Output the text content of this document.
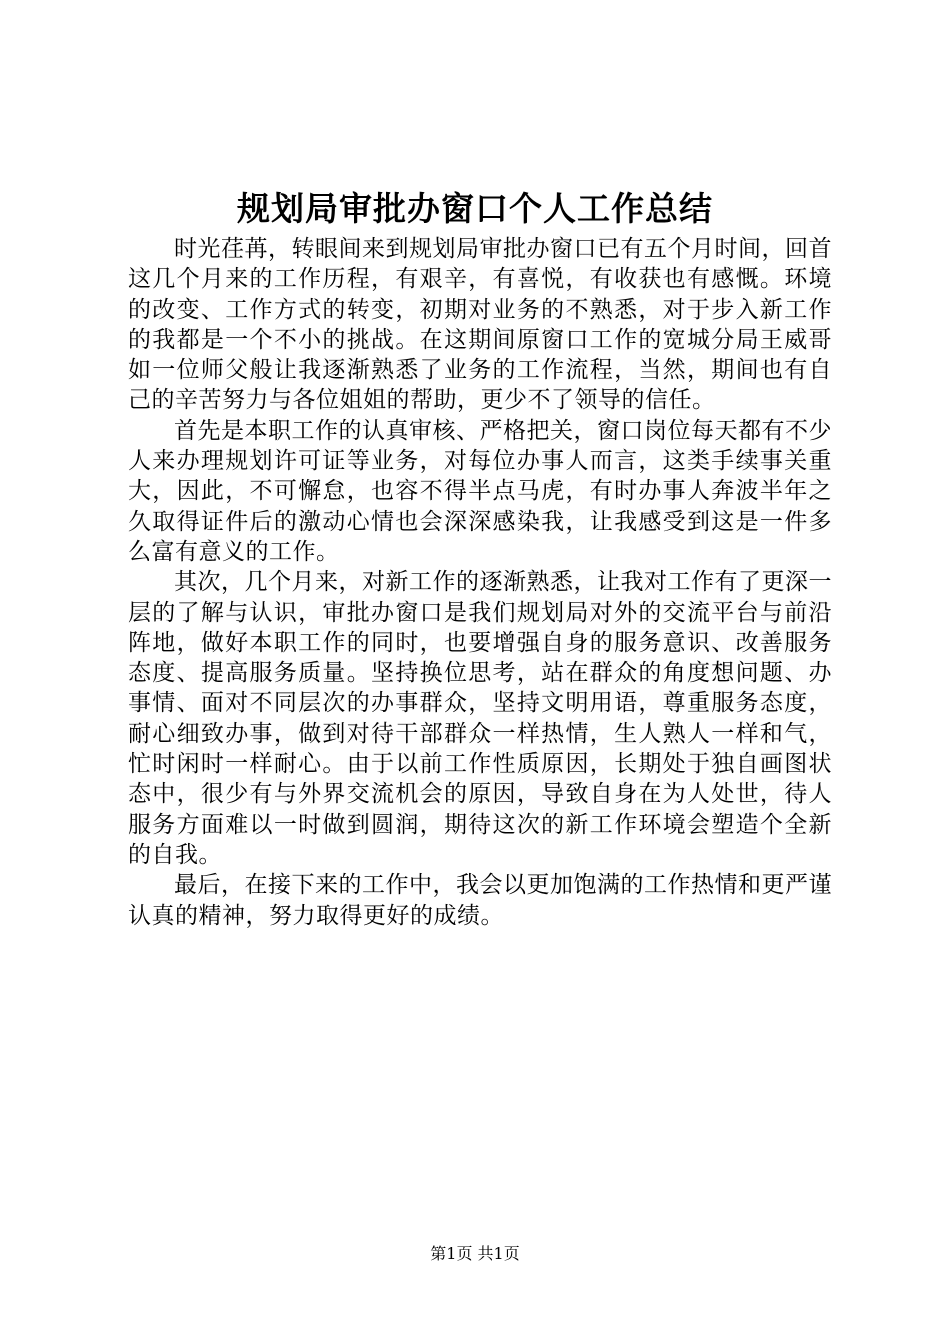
规划局审批办窗口个人工作总结

时光荏苒，转眼间来到规划局审批办窗口已有五个月时间，回首这几个月来的工作历程，有艰辛，有喜悦，有收获也有感慨。环境的改变、工作方式的转变，初期对业务的不熟悉，对于步入新工作的我都是一个不小的挑战。在这期间原窗口工作的宽城分局王威哥如一位师父般让我逐渐熟悉了业务的工作流程，当然，期间也有自己的辛苦努力与各位姐姐的帮助，更少不了领导的信任。

首先是本职工作的认真审核、严格把关，窗口岗位每天都有不少人来办理规划许可证等业务，对每位办事人而言，这类手续事关重大，因此，不可懈怠，也容不得半点马虎，有时办事人奔波半年之久取得证件后的激动心情也会深深感染我，让我感受到这是一件多么富有意义的工作。

其次，几个月来，对新工作的逐渐熟悉，让我对工作有了更深一层的了解与认识，审批办窗口是我们规划局对外的交流平台与前沿阵地，做好本职工作的同时，也要增强自身的服务意识、改善服务态度、提高服务质量。坚持换位思考，站在群众的角度想问题、办事情、面对不同层次的办事群众，坚持文明用语，尊重服务态度，耐心细致办事，做到对待干部群众一样热情，生人熟人一样和气，忙时闲时一样耐心。由于以前工作性质原因，长期处于独自画图状态中，很少有与外界交流机会的原因，导致自身在为人处世，待人服务方面难以一时做到圆润，期待这次的新工作环境会塑造个全新的自我。

最后，在接下来的工作中，我会以更加饱满的工作热情和更严谨认真的精神，努力取得更好的成绩。

第1页 共1页
